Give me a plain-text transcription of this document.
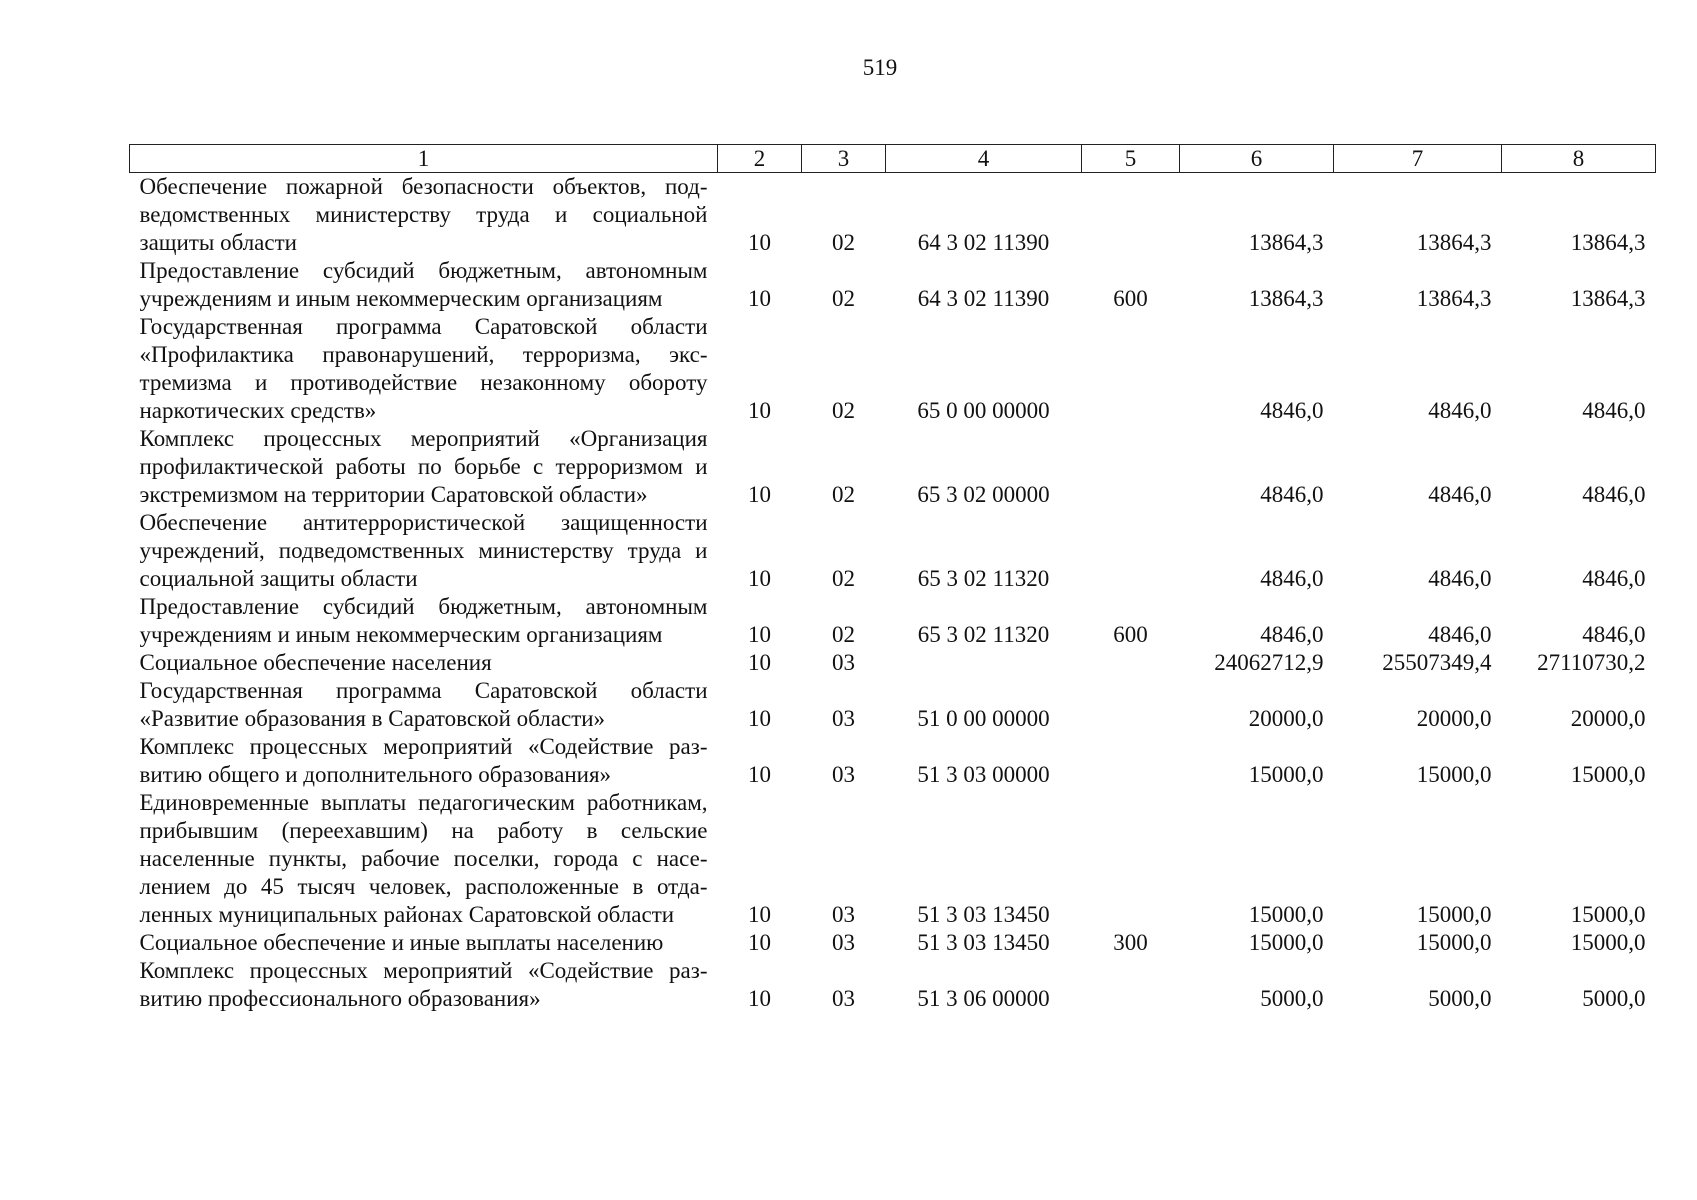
519
1	2	3	4	5	6	7	8
Обеспечение пожарной безопасности объектов, подведомственных министерству труда и социальной защиты области	10	02	64 3 02 11390		13864,3	13864,3	13864,3
Предоставление субсидий бюджетным, автономным учреждениям и иным некоммерческим организациям	10	02	64 3 02 11390	600	13864,3	13864,3	13864,3
Государственная программа Саратовской области «Профилактика правонарушений, терроризма, экстремизма и противодействие незаконному обороту наркотических средств»	10	02	65 0 00 00000		4846,0	4846,0	4846,0
Комплекс процессных мероприятий «Организация профилактической работы по борьбе с терроризмом и экстремизмом на территории Саратовской области»	10	02	65 3 02 00000		4846,0	4846,0	4846,0
Обеспечение антитеррористической защищенности учреждений, подведомственных министерству труда и социальной защиты области	10	02	65 3 02 11320		4846,0	4846,0	4846,0
Предоставление субсидий бюджетным, автономным учреждениям и иным некоммерческим организациям	10	02	65 3 02 11320	600	4846,0	4846,0	4846,0
Социальное обеспечение населения	10	03			24062712,9	25507349,4	27110730,2
Государственная программа Саратовской области «Развитие образования в Саратовской области»	10	03	51 0 00 00000		20000,0	20000,0	20000,0
Комплекс процессных мероприятий «Содействие развитию общего и дополнительного образования»	10	03	51 3 03 00000		15000,0	15000,0	15000,0
Единовременные выплаты педагогическим работникам, прибывшим (переехавшим) на работу в сельские населенные пункты, рабочие поселки, города с населением до 45 тысяч человек, расположенные в отдаленных муниципальных районах Саратовской области	10	03	51 3 03 13450		15000,0	15000,0	15000,0
Социальное обеспечение и иные выплаты населению	10	03	51 3 03 13450	300	15000,0	15000,0	15000,0
Комплекс процессных мероприятий «Содействие развитию профессионального образования»	10	03	51 3 06 00000		5000,0	5000,0	5000,0
